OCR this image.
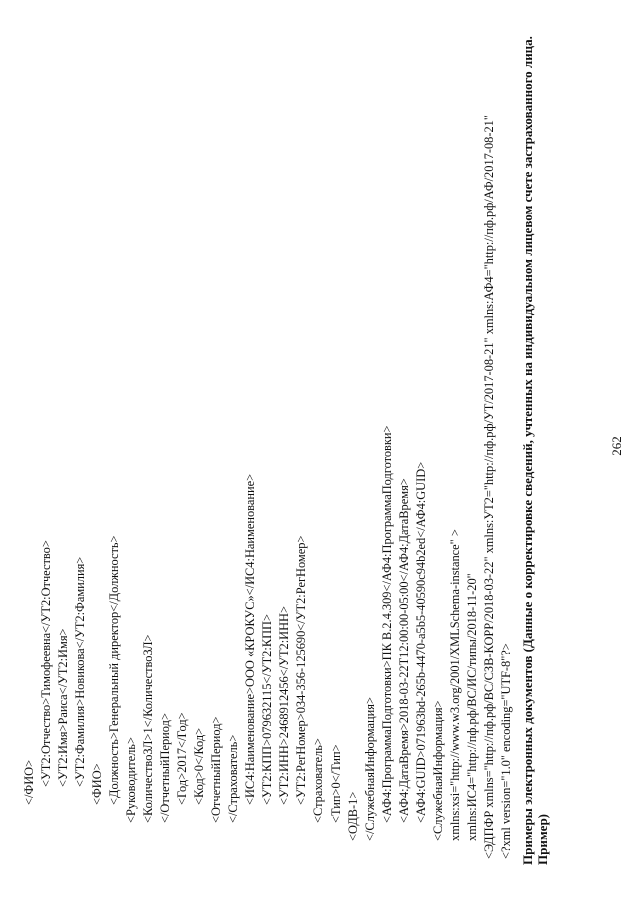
262
Примеры электронных документов (Данные о корректировке сведений, учтенных на индивидуальном лицевом счете застрахованного лица. Пример)
<?xml version="1.0" encoding="UTF-8"?>
<ЭДПФР xmlns="http://пф.рф/ВС/СЗВ-КОРР/2018-03-22" xmlns:УТ2="http://пф.рф/УТ/2017-08-21" xmlns:АФ4="http://пф.рф/АФ/2017-08-21"
xmlns:ИС4="http://пф.рф/ВС/ИС/типы/2018-11-20"
xmlns:xsi="http://www.w3.org/2001/XMLSchema-instance" >
<СлужебнаяИнформация>
<АФ4:GUID>071963bd-265b-4470-a5b5-40590c94b2ed</АФ4:GUID>
<АФ4:ДатаВремя>2018-03-22T12:00:00-05:00</АФ4:ДатаВремя>
<АФ4:ПрограммаПодготовки>ПК В.2.4.309</АФ4:ПрограммаПодготовки>
</СлужебнаяИнформация>
<ОДВ-1>
<Тип>0</Тип>
<Страхователь>
<УТ2:РегНомер>034-356-125690</УТ2:РегНомер>
<УТ2:ИНН>2468912456</УТ2:ИНН>
<УТ2:КПП>079632115</УТ2:КПП>
<ИС4:Наименование>ООО «КРОКУС»</ИС4:Наименование>
</Страхователь>
<ОтчетныйПериод>
<Код>0</Код>
<Год>2017</Год>
</ОтчетныйПериод>
<КоличествоЗЛ>1</КоличествоЗЛ>
<Руководитель>
<Должность>Генеральный директор</Должность>
<ФИО>
<УТ2:Фамилия>Новикова</УТ2:Фамилия>
<УТ2:Имя>Раиса</УТ2:Имя>
<УТ2:Отчество>Тимофеевна</УТ2:Отчество>
</ФИО>
